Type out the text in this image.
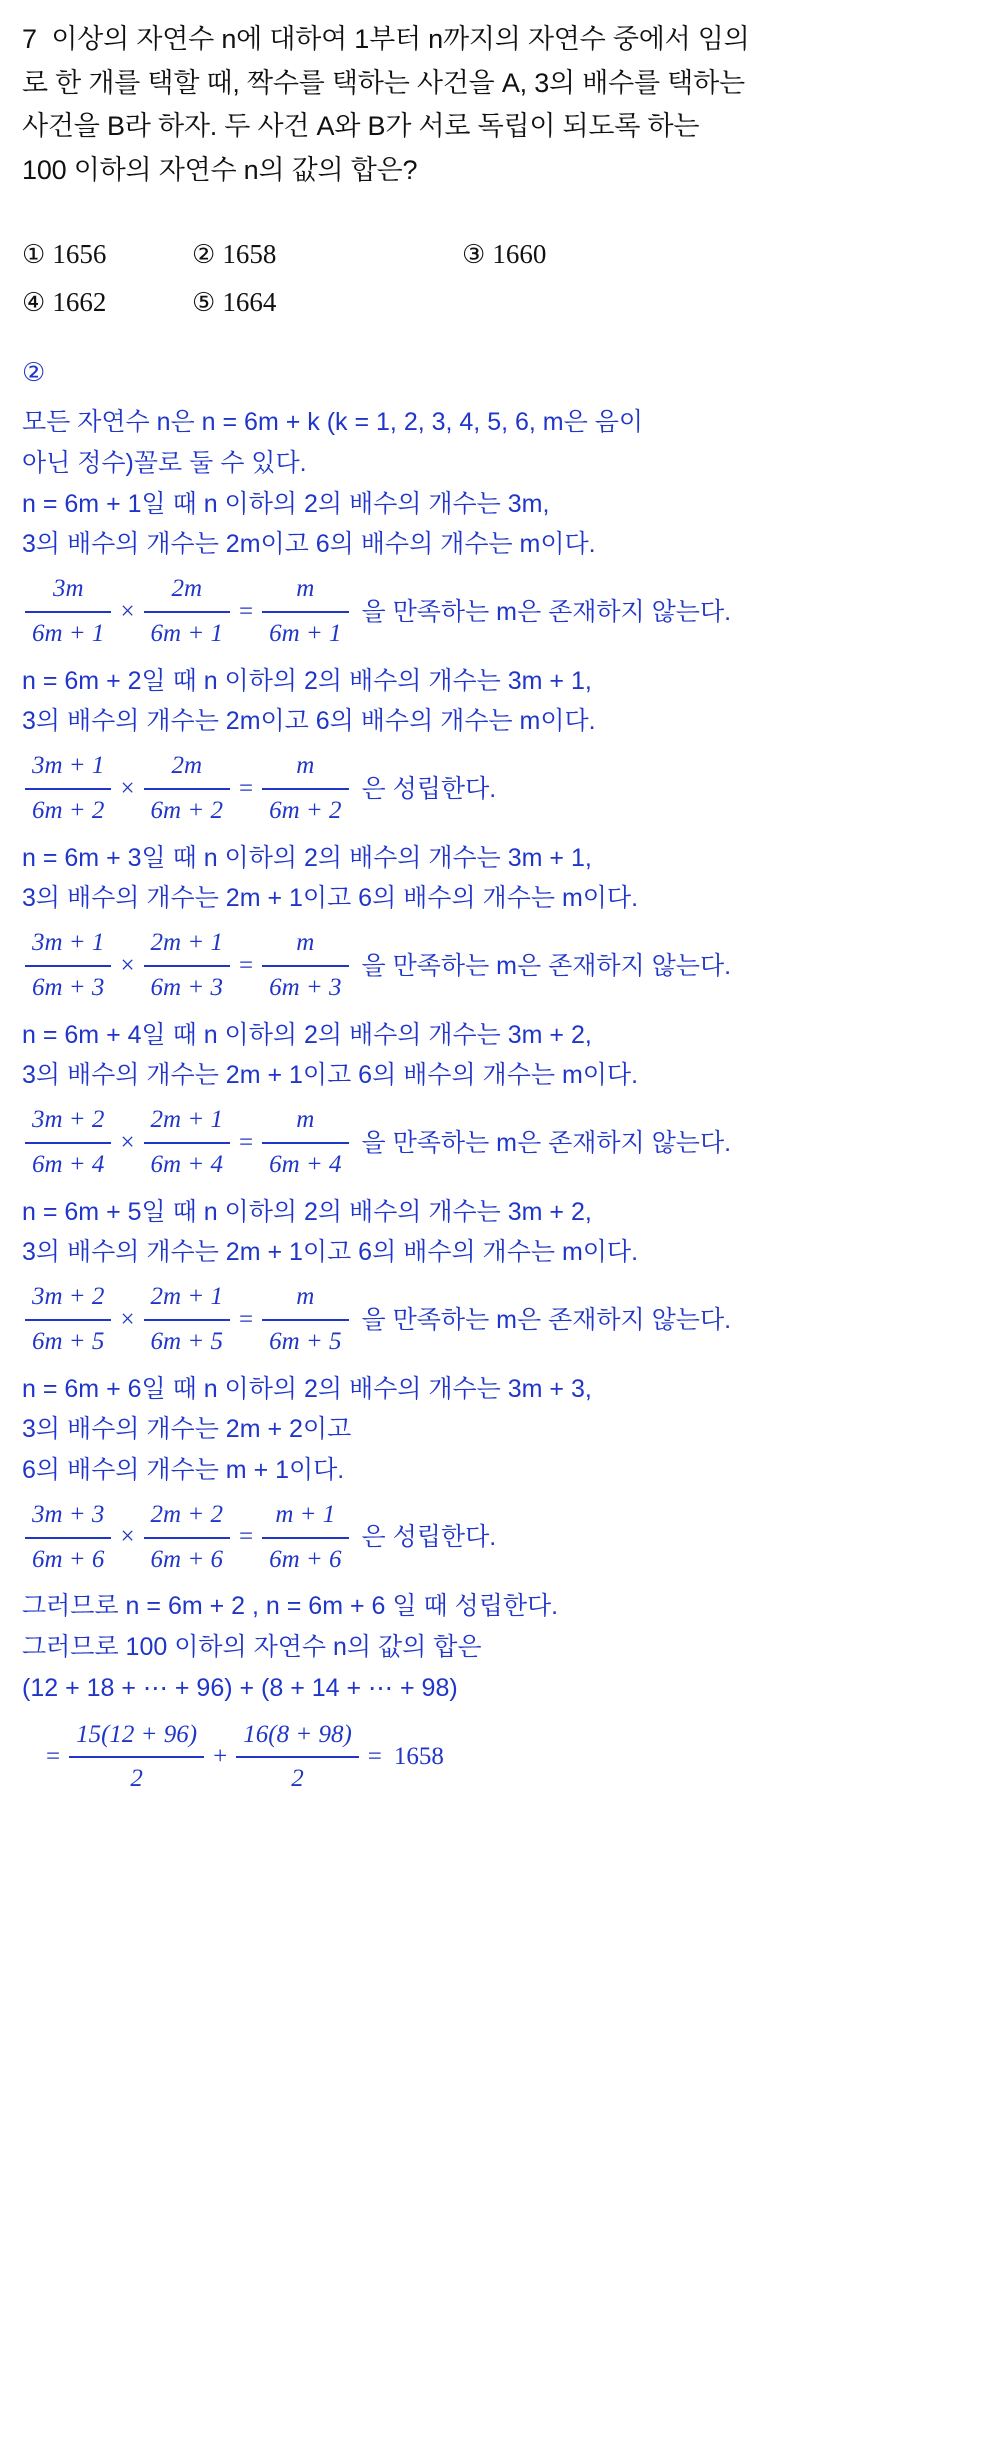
7  이상의 자연수 n에 대하여 1부터 n까지의 자연수 중에서 임의
로 한 개를 택할 때, 짝수를 택하는 사건을 A, 3의 배수를 택하는
사건을 B라 하자. 두 사건 A와 B가 서로 독립이 되도록 하는
100 이하의 자연수 n의 값의 합은?
① 1656	② 1658	③ 1660
④ 1662	⑤ 1664
②
모든 자연수 n은 n = 6m + k (k = 1, 2, 3, 4, 5, 6, m은 음이
아닌 정수)꼴로 둘 수 있다.
n = 6m + 1일 때 n 이하의 2의 배수의 개수는 3m,
3의 배수의 개수는 2m이고 6의 배수의 개수는 m이다.
$\frac{3m}{6m + 1} \times \frac{2m}{6m + 1} = \frac{m}{6m + 1}$ 을 만족하는 m은 존재하지 않는다.
n = 6m + 2일 때 n 이하의 2의 배수의 개수는 3m + 1,
3의 배수의 개수는 2m이고 6의 배수의 개수는 m이다.
$\frac{3m + 1}{6m + 2} \times \frac{2m}{6m + 2} = \frac{m}{6m + 2}$ 은 성립한다.
n = 6m + 3일 때 n 이하의 2의 배수의 개수는 3m + 1,
3의 배수의 개수는 2m + 1이고 6의 배수의 개수는 m이다.
$\frac{3m + 1}{6m + 3} \times \frac{2m + 1}{6m + 3} = \frac{m}{6m + 3}$ 을 만족하는 m은 존재하지 않는다.
n = 6m + 4일 때 n 이하의 2의 배수의 개수는 3m + 2,
3의 배수의 개수는 2m + 1이고 6의 배수의 개수는 m이다.
$\frac{3m + 2}{6m + 4} \times \frac{2m + 1}{6m + 4} = \frac{m}{6m + 4}$ 을 만족하는 m은 존재하지 않는다.
n = 6m + 5일 때 n 이하의 2의 배수의 개수는 3m + 2,
3의 배수의 개수는 2m + 1이고 6의 배수의 개수는 m이다.
$\frac{3m + 2}{6m + 5} \times \frac{2m + 1}{6m + 5} = \frac{m}{6m + 5}$ 을 만족하는 m은 존재하지 않는다.
n = 6m + 6일 때 n 이하의 2의 배수의 개수는 3m + 3,
3의 배수의 개수는 2m + 2이고
6의 배수의 개수는 m + 1이다.
$\frac{3m + 3}{6m + 6} \times \frac{2m + 2}{6m + 6} = \frac{m + 1}{6m + 6}$ 은 성립한다.
그러므로 n = 6m + 2 , n = 6m + 6 일 때 성립한다.
그러므로 100 이하의 자연수 n의 값의 합은
(12 + 18 + ⋯ + 96) + (8 + 14 + ⋯ + 98)
= $\frac{15(12 + 96)}{2} + \frac{16(8 + 98)}{2} = 1658$
